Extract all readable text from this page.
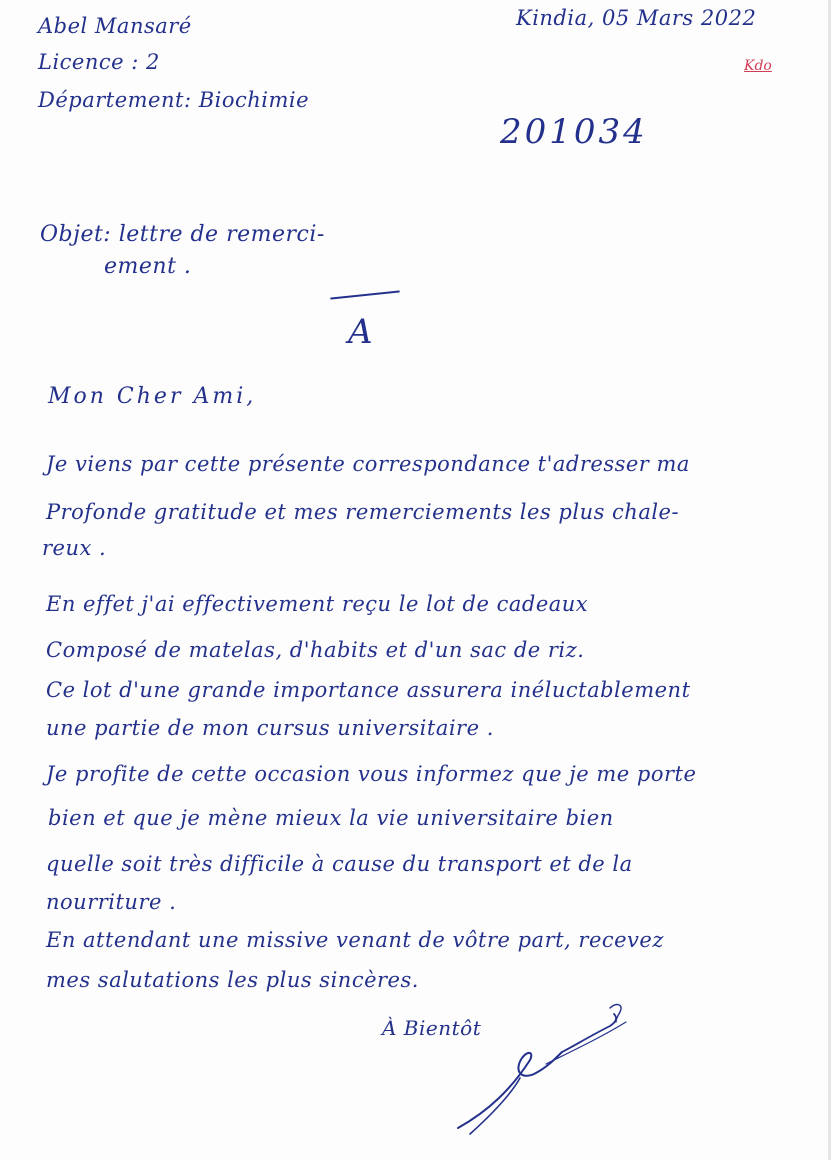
Abel Mansaré
Licence : 2
Département: Biochimie
Kindia, 05 Mars 2022
Kdo
201034
Objet: lettre de remerci-
ement .
A
Mon Cher Ami,
Je viens par cette présente correspondance t'adresser ma
Profonde gratitude et mes remerciements les plus chale-
reux .
En effet j'ai effectivement reçu le lot de cadeaux
Composé de matelas, d'habits et d'un sac de riz.
Ce lot d'une grande importance assurera inéluctablement
une partie de mon cursus universitaire .
Je profite de cette occasion vous informez que je me porte
bien et que je mène mieux la vie universitaire bien
quelle soit très difficile à cause du transport et de la
nourriture .
En attendant une missive venant de vôtre part, recevez
mes salutations les plus sincères.
À Bientôt
